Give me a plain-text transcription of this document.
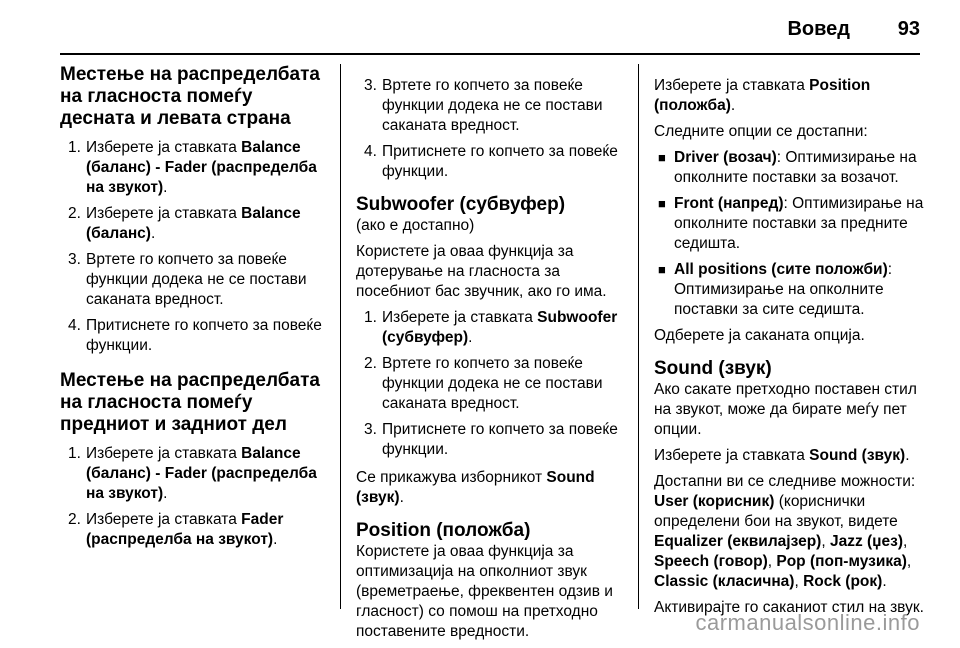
Вовед 93
Местење на распределбата на гласноста помеѓу десната и левата страна
1. Изберете ја ставката Balance (баланс) - Fader (распределба на звукот).
2. Изберете ја ставката Balance (баланс).
3. Вртете го копчето за повеќе функции додека не се постави саканата вредност.
4. Притиснете го копчето за повеќе функции.
Местење на распределбата на гласноста помеѓу предниот и задниот дел
1. Изберете ја ставката Balance (баланс) - Fader (распределба на звукот).
2. Изберете ја ставката Fader (распределба на звукот).
3. Вртете го копчето за повеќе функции додека не се постави саканата вредност.
4. Притиснете го копчето за повеќе функции.
Subwoofer (субвуфер)

(ако е достапно)

Користете ја оваа функција за дотерување на гласноста за посебниот бас звучник, ако го има.

1. Изберете ја ставката Subwoofer (субвуфер).
2. Вртете го копчето за повеќе функции додека не се постави саканата вредност.
3. Притиснете го копчето за повеќе функции.

Се прикажува изборникот Sound (звук).

Position (положба)

Користете ја оваа функција за оптимизација на опколниот звук (времетраење, фреквентен одзив и гласност) со помош на претходно поставените вредности.

Изберете ја ставката Position (положба).

Следните опции се достапни:

■ Driver (возач): Оптимизирање на опколните поставки за возачот.
■ Front (напред): Оптимизирање на опколните поставки за предните седишта.
■ All positions (сите положби): Оптимизирање на опколните поставки за сите седишта.

Одберете ја саканата опција.

Sound (звук)

Ако сакате претходно поставен стил на звукот, може да бирате меѓу пет опции.

Изберете ја ставката Sound (звук).

Достапни ви се следниве можности: User (корисник) (кориснички определени бои на звукот, видете Equalizer (еквилајзер), Jazz (џез), Speech (говор), Pop (поп-музика), Classic (класична), Rock (рок).

Активирајте го саканиот стил на звук.

carmanualsonline.info
